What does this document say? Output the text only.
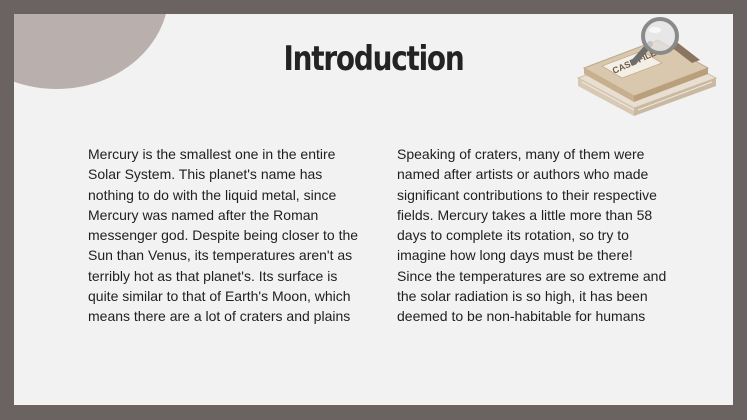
Introduction
Mercury is the smallest one in the entire Solar System. This planet's name has nothing to do with the liquid metal, since Mercury was named after the Roman messenger god. Despite being closer to the Sun than Venus, its temperatures aren't as terribly hot as that planet's. Its surface is quite similar to that of Earth's Moon, which means there are a lot of craters and plains
Speaking of craters, many of them were named after artists or authors who made significant contributions to their respective fields. Mercury takes a little more than 58 days to complete its rotation, so try to imagine how long days must be there! Since the temperatures are so extreme and the solar radiation is so high, it has been deemed to be non-habitable for humans
CASE FILE
